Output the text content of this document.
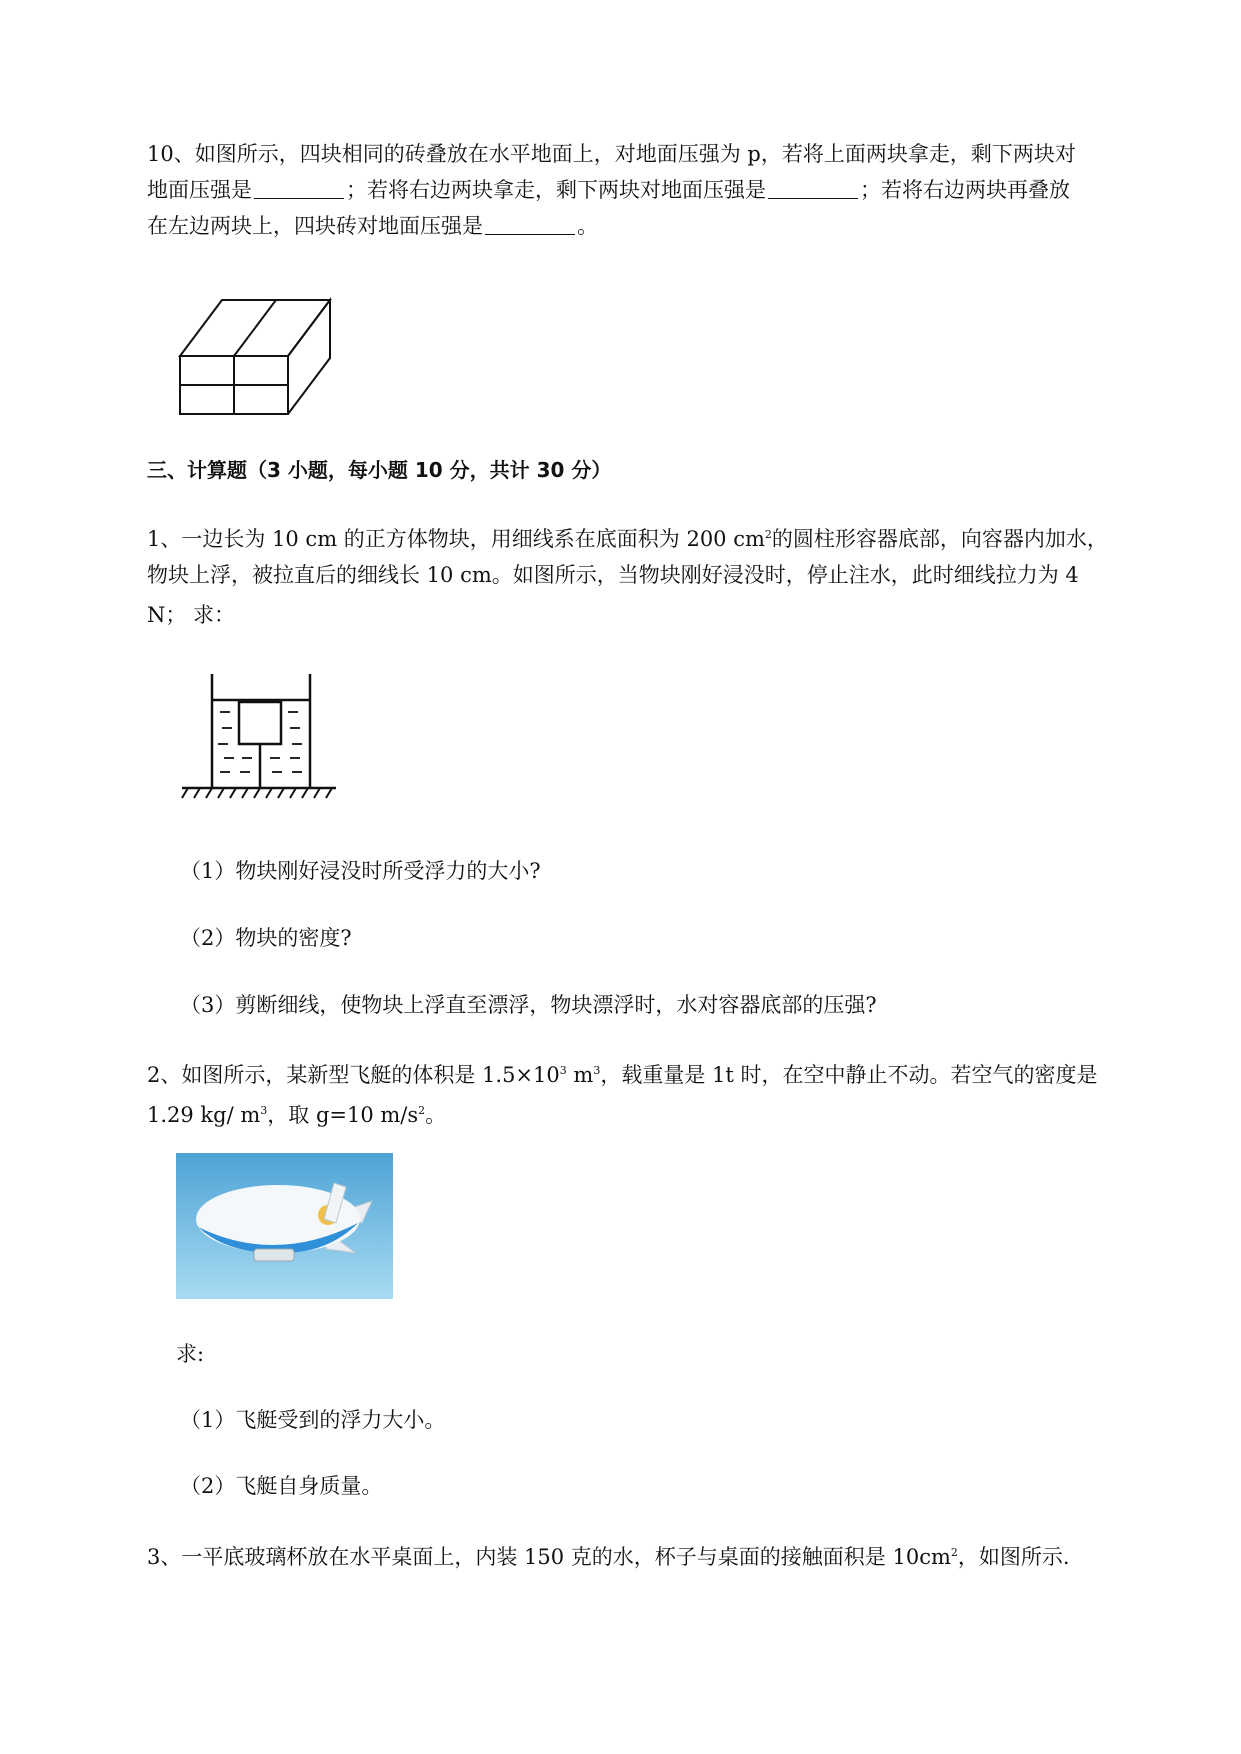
10、如图所示，四块相同的砖叠放在水平地面上，对地面压强为 p，若将上面两块拿走，剩下两块对
地面压强是	；若将右边两块拿走，剩下两块对地面压强是	；若将右边两块再叠放
在左边两块上，四块砖对地面压强是	。
三、计算题（3 小题，每小题 10 分，共计 30 分）
1、一边长为 10 cm 的正方体物块，用细线系在底面积为 200 $cm^2$的圆柱形容器底部，向容器内加水，
物块上浮，被拉直后的细线长 10 cm。如图所示，当物块刚好浸没时，停止注水，此时细线拉力为 4
N； 求：
（1）物块刚好浸没时所受浮力的大小?
（2）物块的密度?
（3）剪断细线，使物块上浮直至漂浮，物块漂浮时，水对容器底部的压强?
2、如图所示，某新型飞艇的体积是 $1.5\times 10^3$ $m^3$，载重量是 1t 时，在空中静止不动。若空气的密度是
1.29 kg/ $m^3$，取 g=10 $m/s^2$。
求:
（1）飞艇受到的浮力大小。
（2）飞艇自身质量。
3、一平底玻璃杯放在水平桌面上，内装 150 克的水，杯子与桌面的接触面积是 $10cm^2$，如图所示.
